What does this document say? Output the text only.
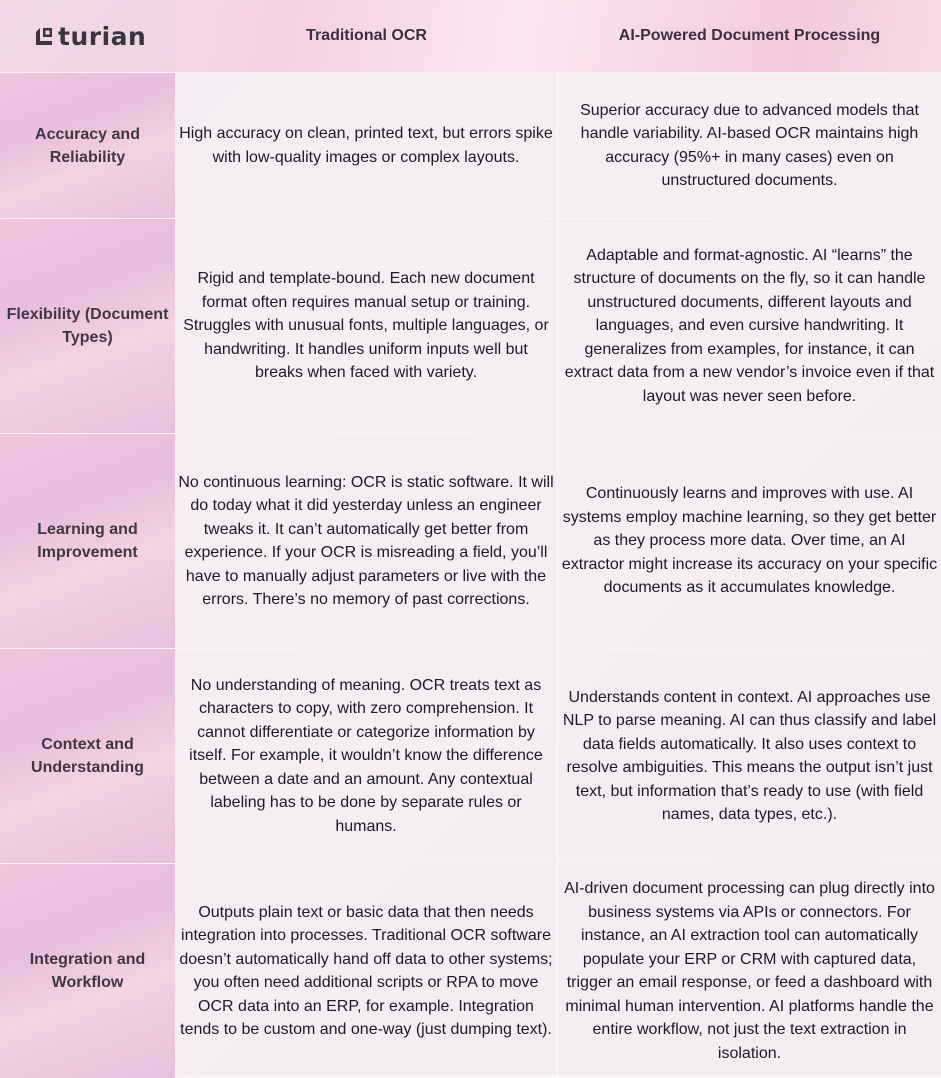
turian	Traditional OCR	AI-Powered Document Processing
Accuracy and Reliability
High accuracy on clean, printed text, but errors spike with low-quality images or complex layouts.
Superior accuracy due to advanced models that handle variability. AI-based OCR maintains high accuracy (95%+ in many cases) even on unstructured documents.
Flexibility (Document Types)
Rigid and template-bound. Each new document format often requires manual setup or training. Struggles with unusual fonts, multiple languages, or handwriting. It handles uniform inputs well but breaks when faced with variety.
Adaptable and format-agnostic. AI “learns” the structure of documents on the fly, so it can handle unstructured documents, different layouts and languages, and even cursive handwriting. It generalizes from examples, for instance, it can extract data from a new vendor’s invoice even if that layout was never seen before.
Learning and Improvement
No continuous learning: OCR is static software. It will do today what it did yesterday unless an engineer tweaks it. It can’t automatically get better from experience. If your OCR is misreading a field, you’ll have to manually adjust parameters or live with the errors. There’s no memory of past corrections.
Continuously learns and improves with use. AI systems employ machine learning, so they get better as they process more data. Over time, an AI extractor might increase its accuracy on your specific documents as it accumulates knowledge.
Context and Understanding
No understanding of meaning. OCR treats text as characters to copy, with zero comprehension. It cannot differentiate or categorize information by itself. For example, it wouldn’t know the difference between a date and an amount. Any contextual labeling has to be done by separate rules or humans.
Understands content in context. AI approaches use NLP to parse meaning. AI can thus classify and label data fields automatically. It also uses context to resolve ambiguities. This means the output isn’t just text, but information that’s ready to use (with field names, data types, etc.).
Integration and Workflow
Outputs plain text or basic data that then needs integration into processes. Traditional OCR software doesn’t automatically hand off data to other systems; you often need additional scripts or RPA to move OCR data into an ERP, for example. Integration tends to be custom and one-way (just dumping text).
AI-driven document processing can plug directly into business systems via APIs or connectors. For instance, an AI extraction tool can automatically populate your ERP or CRM with captured data, trigger an email response, or feed a dashboard with minimal human intervention. AI platforms handle the entire workflow, not just the text extraction in isolation.
